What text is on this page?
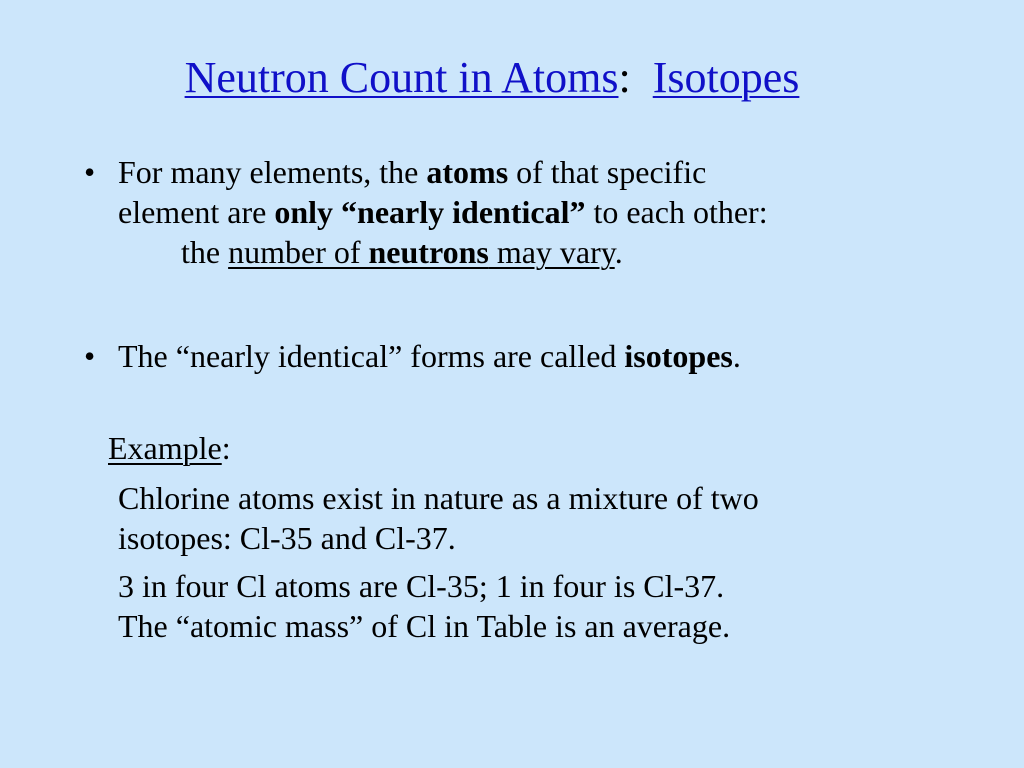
Neutron Count in Atoms: Isotopes
• For many elements, the atoms of that specific
element are only “nearly identical” to each other:
the number of neutrons may vary.
• The “nearly identical” forms are called isotopes.
Example:
Chlorine atoms exist in nature as a mixture of two
isotopes: Cl-35 and Cl-37.
3 in four Cl atoms are Cl-35; 1 in four is Cl-37.
The “atomic mass” of Cl in Table is an average.
